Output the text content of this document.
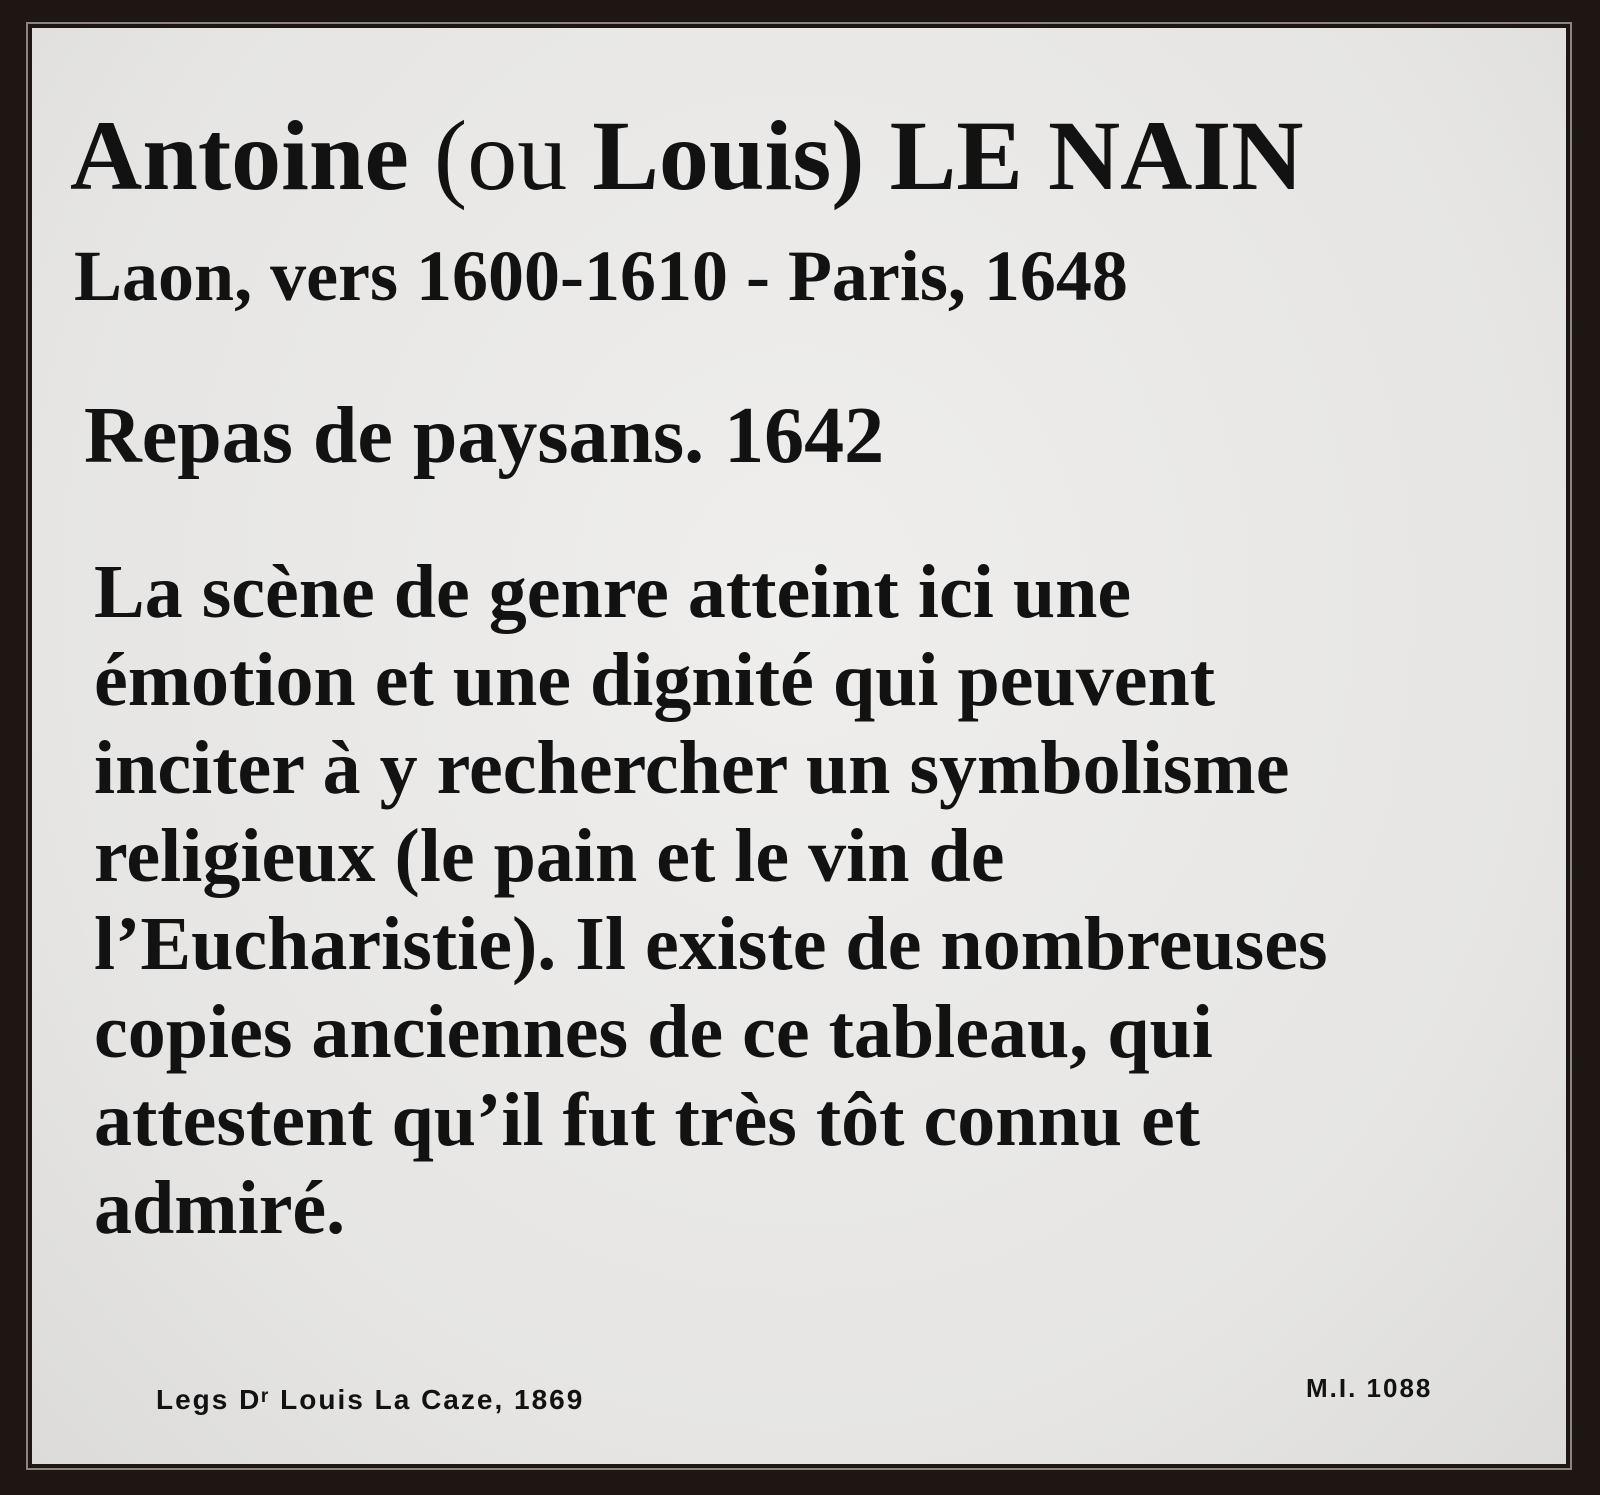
Antoine (ou Louis) LE NAIN

Laon, vers 1600-1610 - Paris, 1648

Repas de paysans. 1642
La scène de genre atteint ici une
émotion et une dignité qui peuvent
inciter à y rechercher un symbolisme
religieux (le pain et le vin de
l’Eucharistie). Il existe de nombreuses
copies anciennes de ce tableau, qui
attestent qu’il fut très tôt connu et
admiré.

Legs Dʳ Louis La Caze, 1869	M.I. 1088
